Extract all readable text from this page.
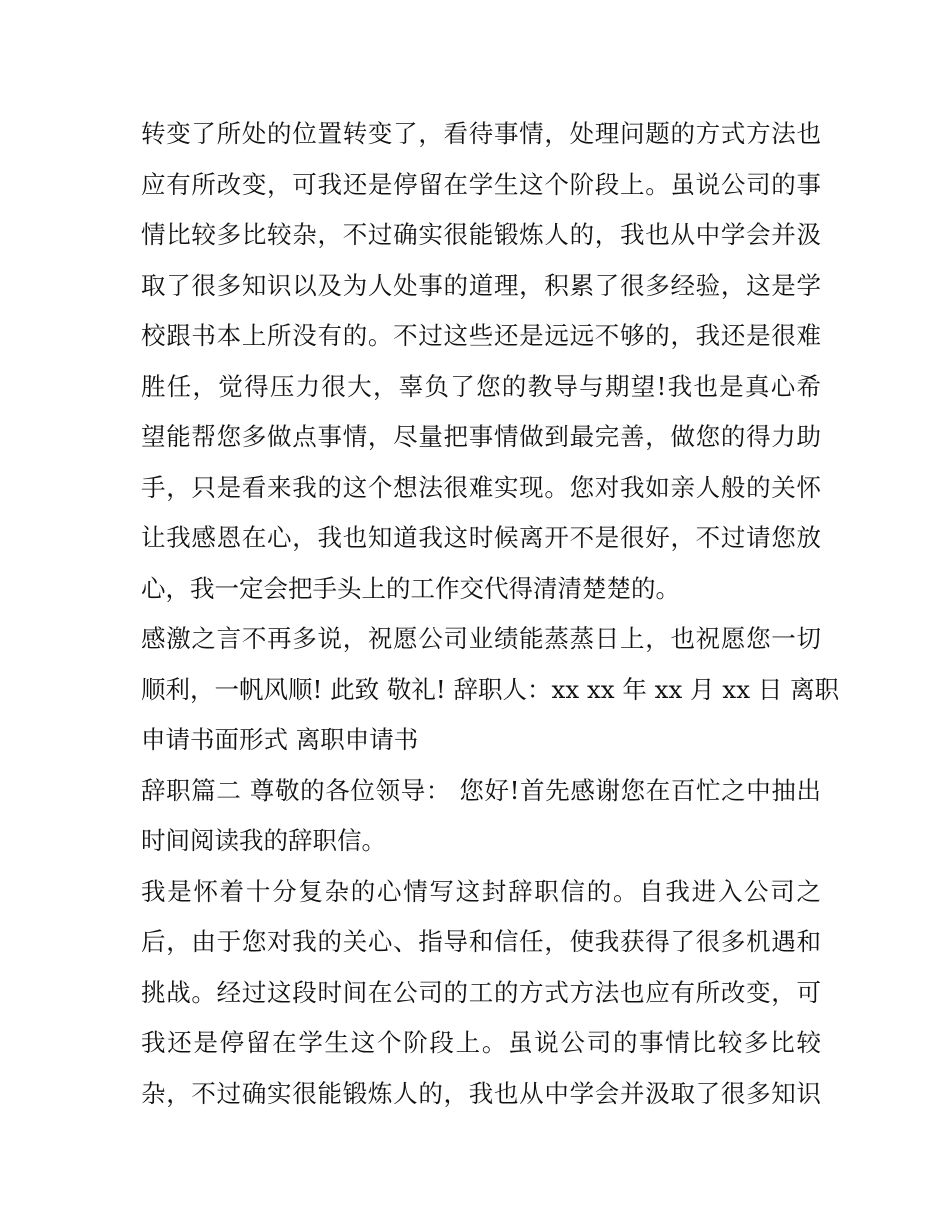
转变了所处的位置转变了，看待事情，处理问题的方式方法也
应有所改变，可我还是停留在学生这个阶段上。虽说公司的事
情比较多比较杂，不过确实很能锻炼人的，我也从中学会并汲
取了很多知识以及为人处事的道理，积累了很多经验，这是学
校跟书本上所没有的。不过这些还是远远不够的，我还是很难
胜任，觉得压力很大，辜负了您的教导与期望!我也是真心希
望能帮您多做点事情，尽量把事情做到最完善，做您的得力助
手，只是看来我的这个想法很难实现。您对我如亲人般的关怀
让我感恩在心，我也知道我这时候离开不是很好，不过请您放
心，我一定会把手头上的工作交代得清清楚楚的。
感激之言不再多说，祝愿公司业绩能蒸蒸日上，也祝愿您一切
顺利，一帆风顺! 此致 敬礼! 辞职人：xx xx 年 xx 月 xx 日 离职
申请书面形式 离职申请书
辞职篇二 尊敬的各位领导： 您好!首先感谢您在百忙之中抽出
时间阅读我的辞职信。
我是怀着十分复杂的心情写这封辞职信的。自我进入公司之
后，由于您对我的关心、指导和信任，使我获得了很多机遇和
挑战。经过这段时间在公司的工的方式方法也应有所改变，可
我还是停留在学生这个阶段上。虽说公司的事情比较多比较
杂，不过确实很能锻炼人的，我也从中学会并汲取了很多知识
